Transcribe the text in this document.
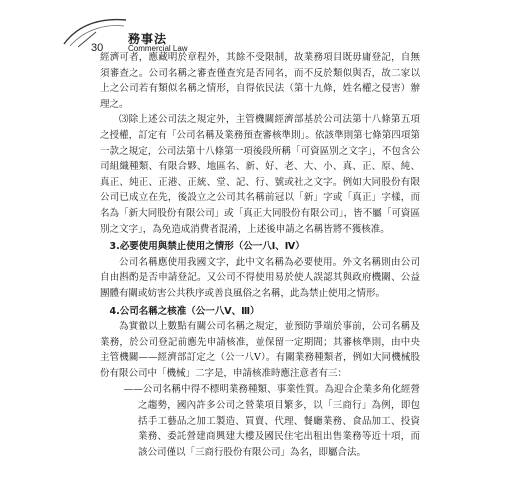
務事法
Commercial Law
30

經濟可者，應藏明於章程外，其餘不受限制，故業務項目既毋庸登記，自無須審查之。公司名稱之審查僅查究是否同名，而不反於類似與否，故二家以上之公司若有類似名稱之情形，自得依民法（第十九條，姓名權之侵害）辦理之。

⑶除上述公司法之規定外，主管機關經濟部基於公司法第十八條第五項之授權，訂定有「公司名稱及業務預查審核準則」。依該準則第七條第四項第一款之規定，公司法第十八條第一項後段所稱「可資區別之文字」，不包含公司組織種類、有限合夥、地區名、新、好、老、大、小、真、正、原、純、真正、純正、正港、正統、堂、記、行、號或社之文字。例如大同股份有限公司已成立在先，後設立之公司其名稱前冠以「新」字或「真正」字樣，而名為「新大同股份有限公司」或「真正大同股份有限公司」，皆不屬「可資區別之文字」，為免造成消費者混淆，上述後申請之名稱皆將不獲核准。

3.必要使用與禁止使用之情形（公一八Ⅰ、Ⅳ）

公司名稱應使用我國文字，此中文名稱為必要使用。外文名稱則由公司自由斟酌是否申請登記。又公司不得使用易於使人誤認其與政府機關、公益團體有關或妨害公共秩序或善良風俗之名稱，此為禁止使用之情形。

4.公司名稱之核准（公一八Ⅴ、Ⅲ）

為實徹以上數點有關公司名稱之規定，並預防爭端於事前，公司名稱及業務，於公司登記前應先申請核准，並保留一定期間；其審核準則，由中央主管機關——經濟部訂定之（公一八Ⅴ）。有關業務種類者，例如大同機械股份有限公司中「機械」二字是，申請核准時應注意者有三：

——公司名稱中得不標明業務種類、事業性質。為迎合企業多角化經營之趨勢，國內許多公司之營業項目繁多，以「三商行」為例，即包括手工藝品之加工製造、買賣、代理、餐廳業務、食品加工、投資業務、委託營建商興建大樓及國民住宅出租出售業務等近十項，而該公司僅以「三商行股份有限公司」為名，即屬合法。
